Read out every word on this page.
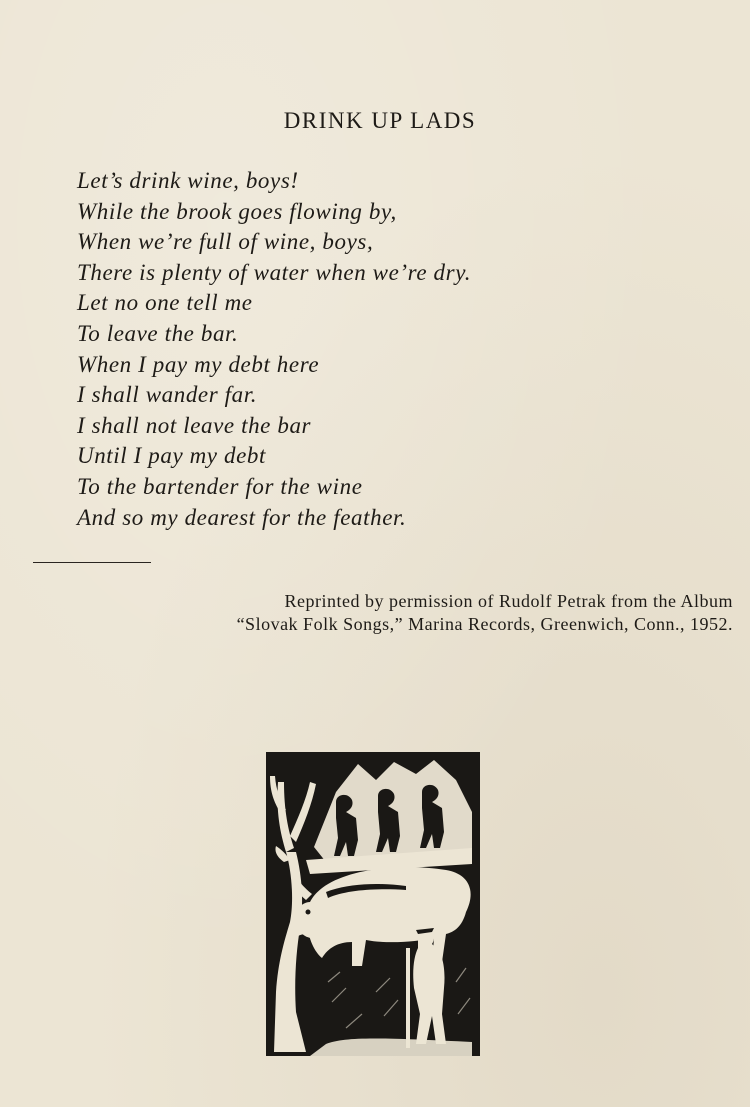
DRINK UP LADS
Let’s drink wine, boys!
While the brook goes flowing by,
When we’re full of wine, boys,
There is plenty of water when we’re dry.
Let no one tell me
To leave the bar.
When I pay my debt here
I shall wander far.
I shall not leave the bar
Until I pay my debt
To the bartender for the wine
And so my dearest for the feather.

Reprinted by permission of Rudolf Petrak from the Album
“Slovak Folk Songs,” Marina Records, Greenwich, Conn., 1952.
